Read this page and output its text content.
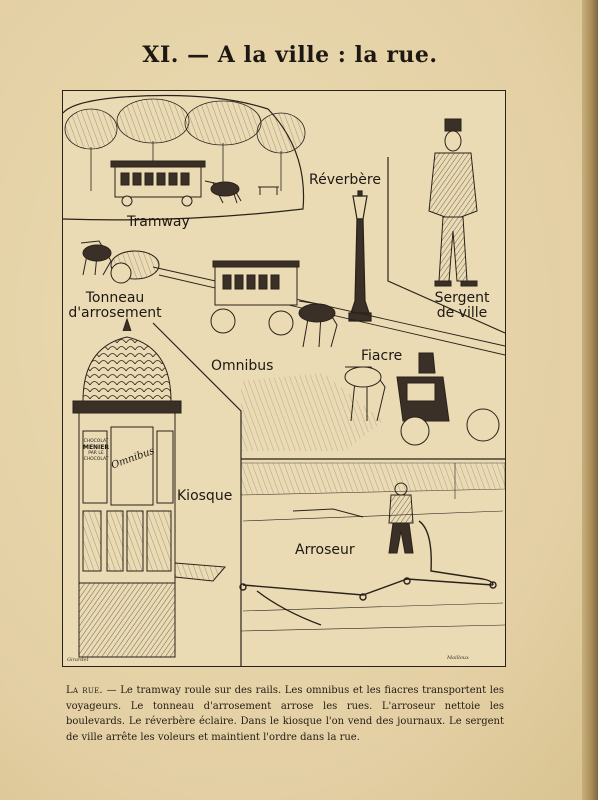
XI. — A la ville : la rue.
Tramway
Réverbère
Sergent
de ville
Tonneau
d'arrosement
Omnibus
Fiacre
Kiosque
Arroseur
CHOCOLAT
MENIER
PAR LE
CHOCOLAT Omnibus
Girardet	Mailloux
La rue. — Le tramway roule sur des rails. Les omnibus et les fiacres transportent les voyageurs. Le tonneau d'arrosement arrose les rues. L'arroseur nettoie les boulevards. Le réverbère éclaire. Dans le kiosque l'on vend des journaux. Le sergent de ville arrête les voleurs et maintient l'ordre dans la rue.
